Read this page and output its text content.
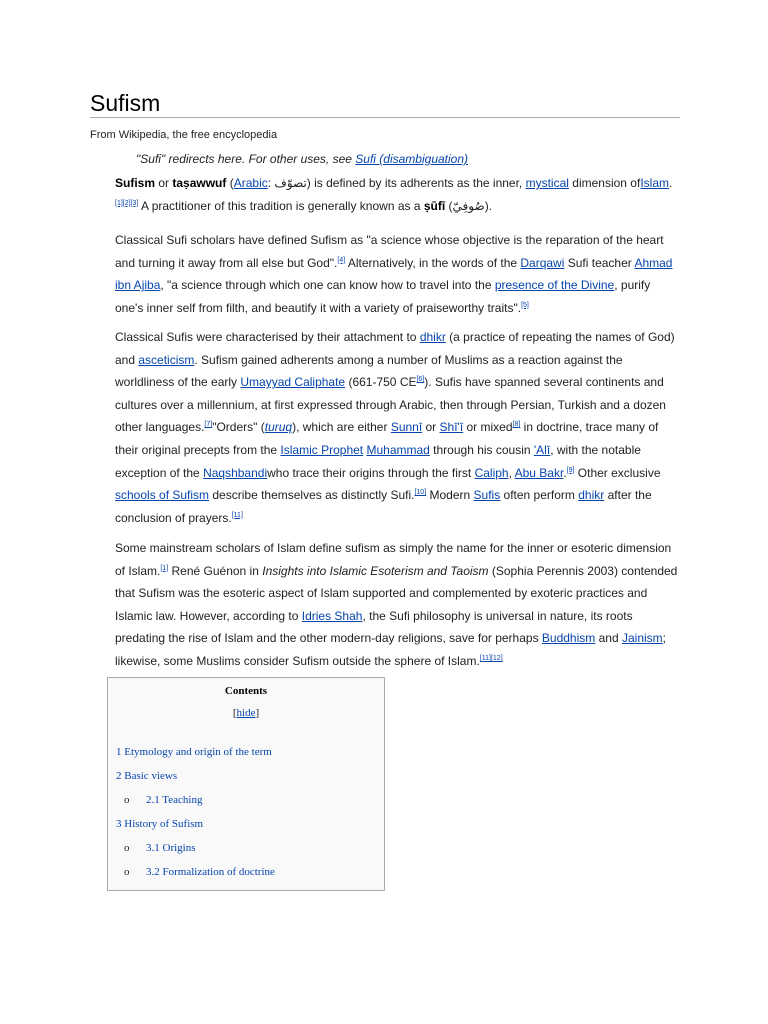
Sufism
From Wikipedia, the free encyclopedia
"Sufi" redirects here. For other uses, see Sufi (disambiguation)
Sufism or taṣawwuf (Arabic: تصوّف) is defined by its adherents as the inner, mystical dimension ofIslam.[1][2][3] A practitioner of this tradition is generally known as a ṣūfī (صُوفِيّ).
Classical Sufi scholars have defined Sufism as "a science whose objective is the reparation of the heart and turning it away from all else but God".[4] Alternatively, in the words of the Darqawi Sufi teacher Ahmad ibn Ajiba, "a science through which one can know how to travel into the presence of the Divine, purify one's inner self from filth, and beautify it with a variety of praiseworthy traits".[5]
Classical Sufis were characterised by their attachment to dhikr (a practice of repeating the names of God) and asceticism. Sufism gained adherents among a number of Muslims as a reaction against the worldliness of the early Umayyad Caliphate (661-750 CE[6]). Sufis have spanned several continents and cultures over a millennium, at first expressed through Arabic, then through Persian, Turkish and a dozen other languages.[7]"Orders" (turuq), which are either Sunnī or Shī'ī or mixed[8] in doctrine, trace many of their original precepts from the Islamic Prophet Muhammad through his cousin 'Alī, with the notable exception of the Naqshbandiwho trace their origins through the first Caliph, Abu Bakr.[9] Other exclusive schools of Sufism describe themselves as distinctly Sufi.[10] Modern Sufis often perform dhikr after the conclusion of prayers.[11]
Some mainstream scholars of Islam define sufism as simply the name for the inner or esoteric dimension of Islam.[1] René Guénon in Insights into Islamic Esoterism and Taoism (Sophia Perennis 2003) contended that Sufism was the esoteric aspect of Islam supported and complemented by exoteric practices and Islamic law. However, according to Idries Shah, the Sufi philosophy is universal in nature, its roots predating the rise of Islam and the other modern-day religions, save for perhaps Buddhism and Jainism; likewise, some Muslims consider Sufism outside the sphere of Islam.[11][12]
Contents
[hide]
1 Etymology and origin of the term
2 Basic views
o 2.1 Teaching
3 History of Sufism
o 3.1 Origins
o 3.2 Formalization of doctrine
